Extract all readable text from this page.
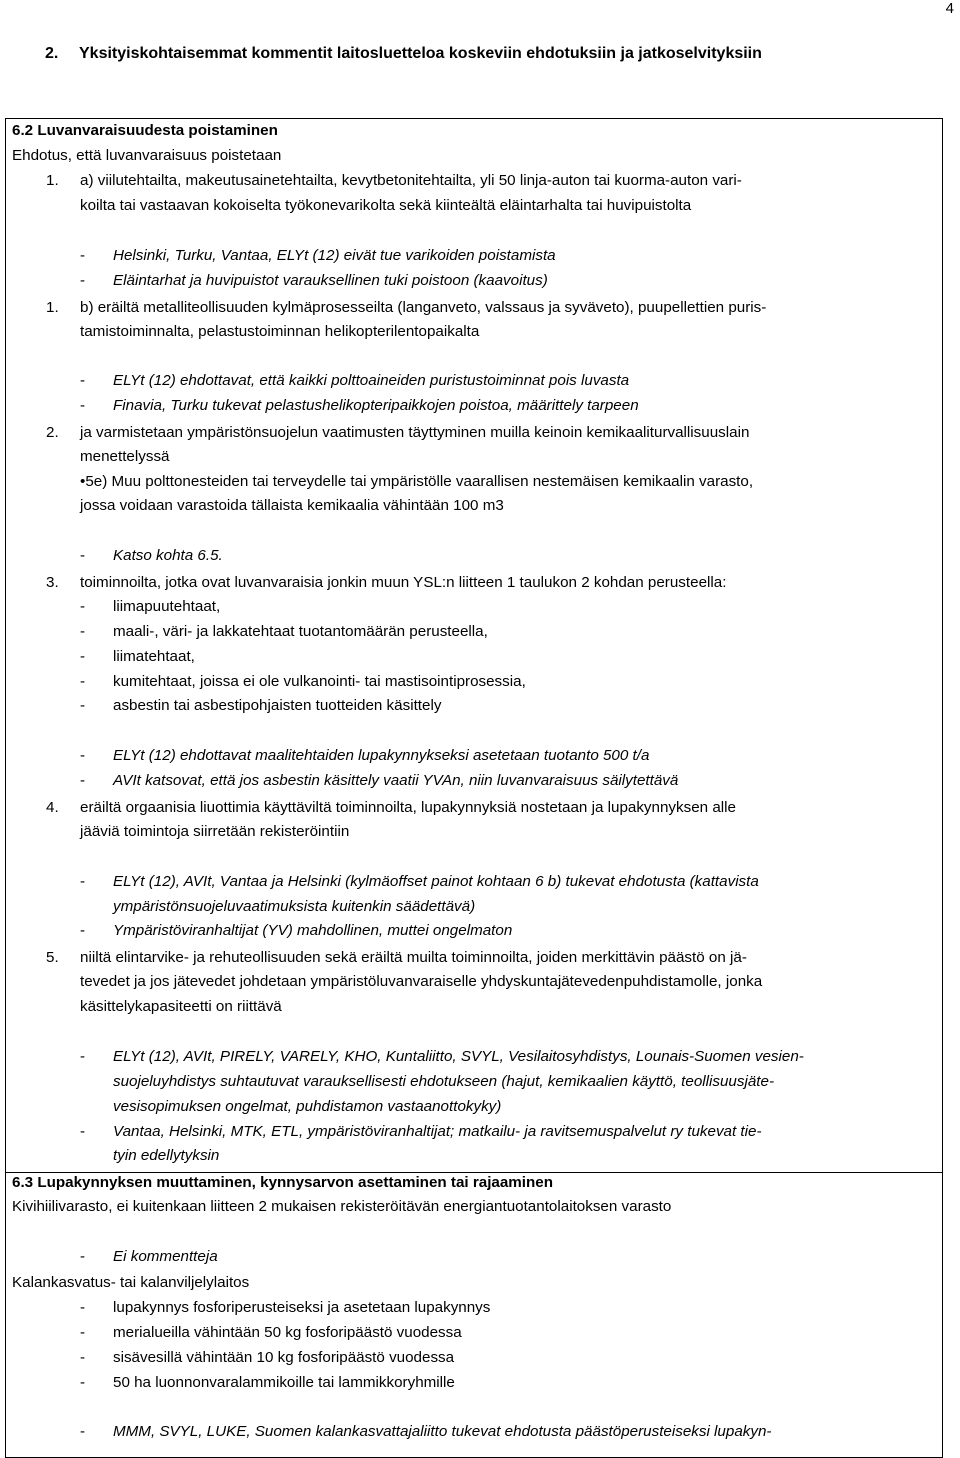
4
2. Yksityiskohtaisemmat kommentit laitosluetteloa koskeviin ehdotuksiin ja jatkoselvityksiin
6.2 Luvanvaraisuudesta poistaminen
Ehdotus, että luvanvaraisuus poistetaan
1. a) viilutehtailta, makeutusainetehtailta, kevytbetonitehtailta, yli 50 linja-auton tai kuorma-auton vari-
koilta tai vastaavan kokoiselta työkonevarikolta sekä kiinteältä eläintarhalta tai huvipuistolta
- Helsinki, Turku, Vantaa, ELYt (12) eivät tue varikoiden poistamista
- Eläintarhat ja huvipuistot varauksellinen tuki poistoon (kaavoitus)
1. b) eräiltä metalliteollisuuden kylmäprosesseilta (langanveto, valssaus ja syväveto), puupellettien puris-
tamistoiminnalta, pelastustoiminnan helikopterilentopaikalta
- ELYt (12) ehdottavat, että kaikki polttoaineiden puristustoiminnat pois luvasta
- Finavia, Turku tukevat pelastushelikopteripaikkojen poistoa, määrittely tarpeen
2. ja varmistetaan ympäristönsuojelun vaatimusten täyttyminen muilla keinoin kemikaaliturvallisuuslain
menettelyssä
•5e) Muu polttonesteiden tai terveydelle tai ympäristölle vaarallisen nestemäisen kemikaalin varasto,
jossa voidaan varastoida tällaista kemikaalia vähintään 100 m3
- Katso kohta 6.5.
3. toiminnoilta, jotka ovat luvanvaraisia jonkin muun YSL:n liitteen 1 taulukon 2 kohdan perusteella:
- liimapuutehtaat,
- maali-, väri- ja lakkatehtaat tuotantomäärän perusteella,
- liimatehtaat,
- kumitehtaat, joissa ei ole vulkanointi- tai mastisointiprosessia,
- asbestin tai asbestipohjaisten tuotteiden käsittely
- ELYt (12) ehdottavat maalitehtaiden lupakynnykseksi asetetaan tuotanto 500 t/a
- AVIt katsovat, että jos asbestin käsittely vaatii YVAn, niin luvanvaraisuus säilytettävä
4. eräiltä orgaanisia liuottimia käyttäviltä toiminnoilta, lupakynnyksiä nostetaan ja lupakynnyksen alle
jääviä toimintoja siirretään rekisteröintiin
- ELYt (12), AVIt, Vantaa ja Helsinki (kylmäoffset painot kohtaan 6 b) tukevat ehdotusta (kattavista
ympäristönsuojeluvaatimuksista kuitenkin säädettävä)
- Ympäristöviranhaltijat (YV) mahdollinen, muttei ongelmaton
5. niiltä elintarvike- ja rehuteollisuuden sekä eräiltä muilta toiminnoilta, joiden merkittävin päästö on jä-
tevedet ja jos jätevedet johdetaan ympäristöluvanvaraiselle yhdyskuntajätevedenpuhdistamolle, jonka
käsittelykapasiteetti on riittävä
- ELYt (12), AVIt, PIRELY, VARELY, KHO, Kuntaliitto, SVYL, Vesilaitosyhdistys, Lounais-Suomen vesien-
suojeluyhdistys suhtautuvat varauksellisesti ehdotukseen (hajut, kemikaalien käyttö, teollisuusjäte-
vesisopimuksen ongelmat, puhdistamon vastaanottokyky)
- Vantaa, Helsinki, MTK, ETL, ympäristöviranhaltijat; matkailu- ja ravitsemuspalvelut ry tukevat tie-
tyin edellytyksin
6.3 Lupakynnyksen muuttaminen, kynnysarvon asettaminen tai rajaaminen
Kivihiilivarasto, ei kuitenkaan liitteen 2 mukaisen rekisteröitävän energiantuotantolaitoksen varasto
- Ei kommentteja
Kalankasvatus- tai kalanviljelylaitos
- lupakynnys fosforiperusteiseksi ja asetetaan lupakynnys
- merialueilla vähintään 50 kg fosforipäästö vuodessa
- sisävesillä vähintään 10 kg fosforipäästö vuodessa
- 50 ha luonnonvaralammikoille tai lammikkoryhmille
- MMM, SVYL, LUKE, Suomen kalankasvattajaliitto tukevat ehdotusta päästöperusteiseksi lupakyn-
